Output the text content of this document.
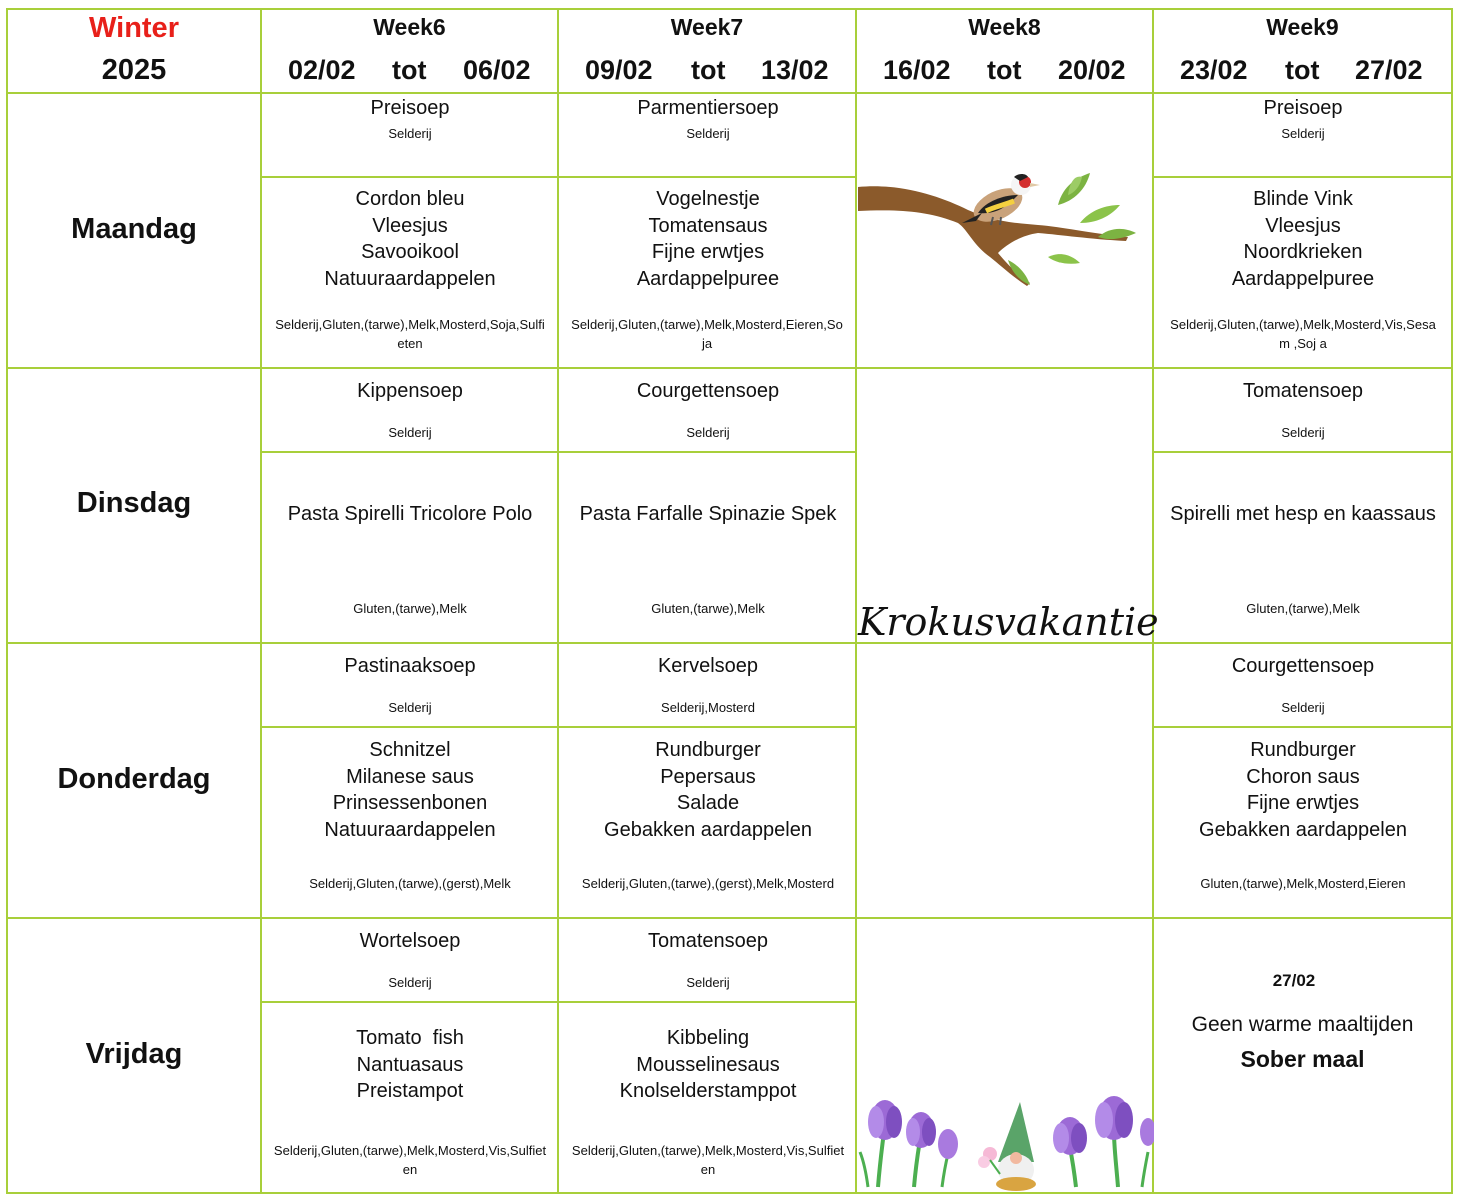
Winter
2025
Week6
02/02 tot 06/02
Week7
09/02 tot 13/02
Week8
16/02 tot 20/02
Week9
23/02 tot 27/02
Maandag
Dinsdag
Donderdag
Vrijdag
Preisoep
Selderij
Cordon bleu
Vleesjus
Savooikool
Natuuraardappelen
Selderij,Gluten,(tarwe),Melk,Mosterd,Soja,Sulfi
eten
Kippensoep
Selderij
Pasta Spirelli Tricolore Polo
Gluten,(tarwe),Melk
Pastinaaksoep
Selderij
Schnitzel
Milanese saus
Prinsessenbonen
Natuuraardappelen
Selderij,Gluten,(tarwe),(gerst),Melk
Wortelsoep
Selderij
Tomato  fish
Nantuasaus
Preistampot
Selderij,Gluten,(tarwe),Melk,Mosterd,Vis,Sulfiet
en
Parmentiersoep
Selderij
Vogelnestje
Tomatensaus
Fijne erwtjes
Aardappelpuree
Selderij,Gluten,(tarwe),Melk,Mosterd,Eieren,So
ja
Courgettensoep
Selderij
Pasta Farfalle Spinazie Spek
Gluten,(tarwe),Melk
Kervelsoep
Selderij,Mosterd
Rundburger
Pepersaus
Salade
Gebakken aardappelen
Selderij,Gluten,(tarwe),(gerst),Melk,Mosterd
Tomatensoep
Selderij
Kibbeling
Mousselinesaus
Knolselderstamppot
Selderij,Gluten,(tarwe),Melk,Mosterd,Vis,Sulfiet
en
Krokusvakantie
Preisoep
Selderij
Blinde Vink
Vleesjus
Noordkrieken
Aardappelpuree
Selderij,Gluten,(tarwe),Melk,Mosterd,Vis,Sesa
m ,Soj a
Tomatensoep
Selderij
Spirelli met hesp en kaassaus
Gluten,(tarwe),Melk
Courgettensoep
Selderij
Rundburger
Choron saus
Fijne erwtjes
Gebakken aardappelen
Gluten,(tarwe),Melk,Mosterd,Eieren
27/02
Geen warme maaltijden
Sober maal
